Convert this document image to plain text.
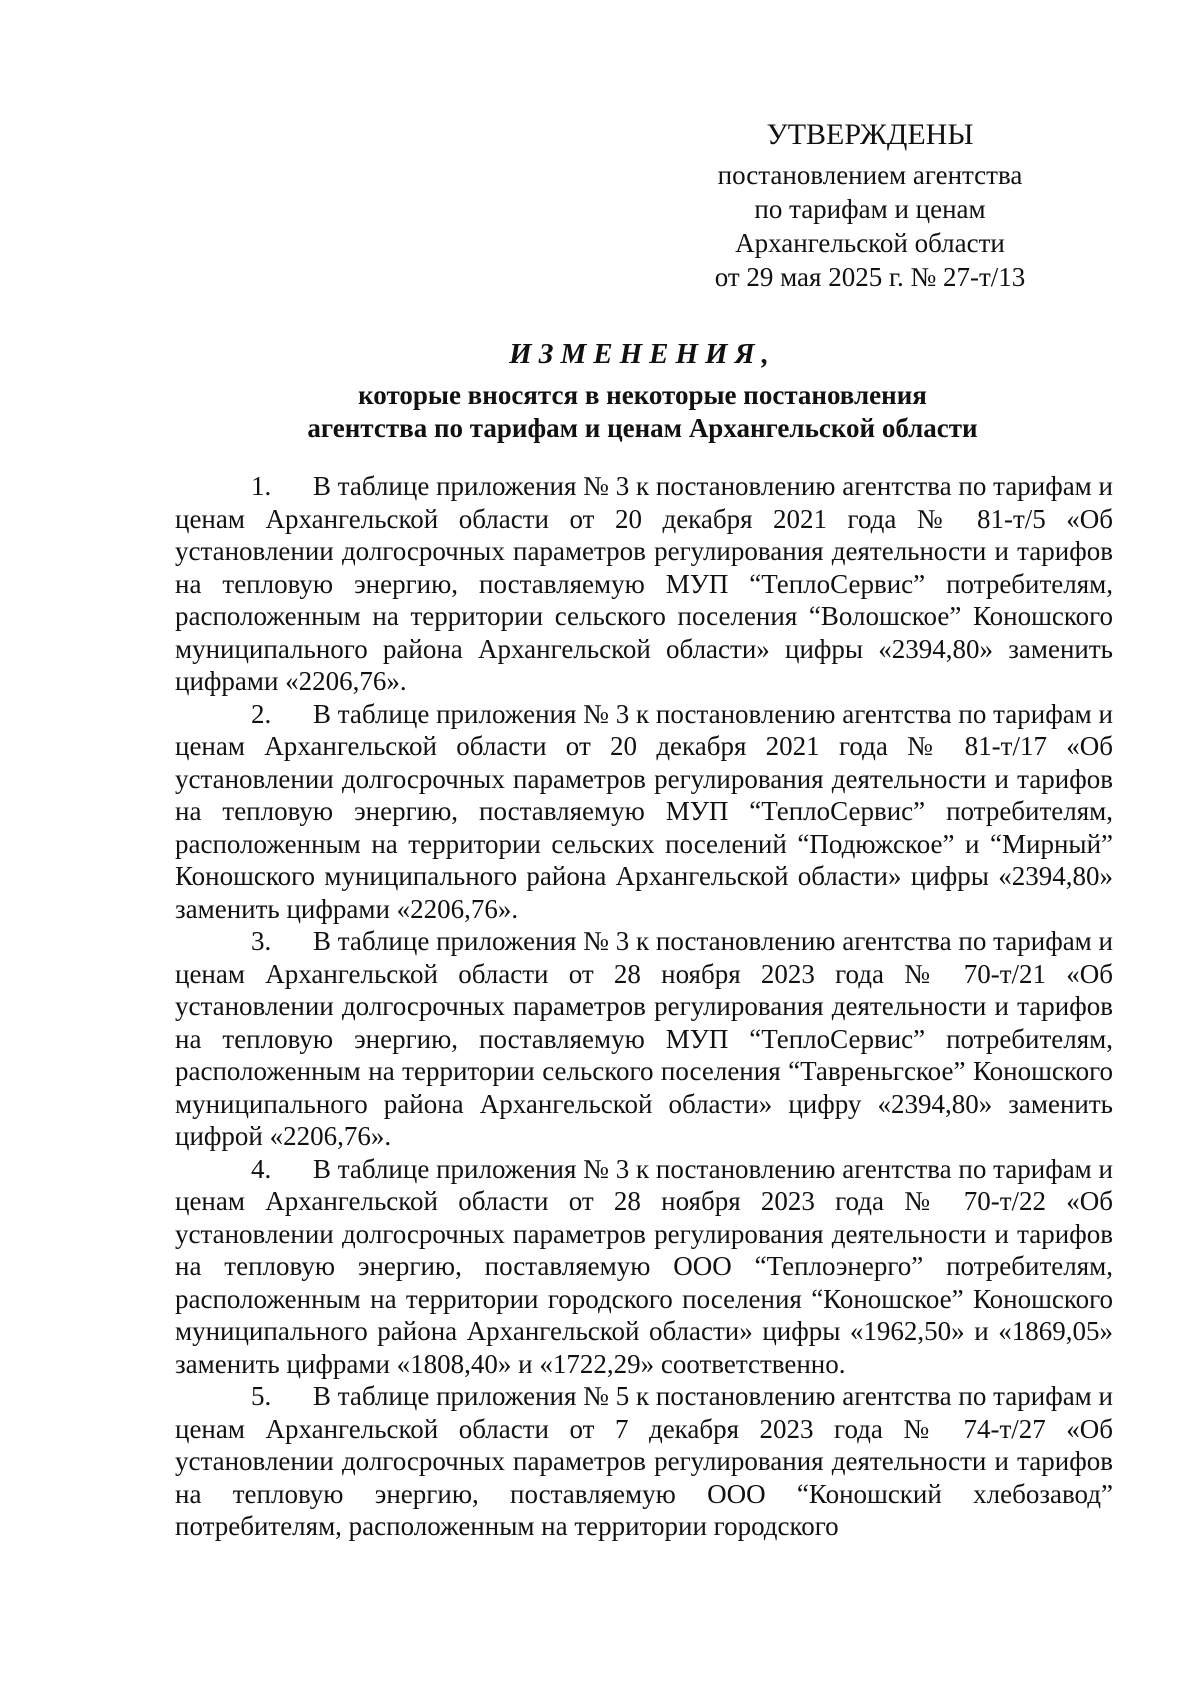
УТВЕРЖДЕНЫ
постановлением агентства
по тарифам и ценам
Архангельской области
от 29 мая 2025 г. № 27-т/13
ИЗМЕНЕНИЯ,
которые вносятся в некоторые постановления
агентства по тарифам и ценам Архангельской области
1. В таблице приложения № 3 к постановлению агентства по тарифам и ценам Архангельской области от 20 декабря 2021 года № 81-т/5 «Об установлении долгосрочных параметров регулирования деятельности и тарифов на тепловую энергию, поставляемую МУП “ТеплоСервис” потребителям, расположенным на территории сельского поселения “Волошское” Коношского муниципального района Архангельской области» цифры «2394,80» заменить цифрами «2206,76».
2. В таблице приложения № 3 к постановлению агентства по тарифам и ценам Архангельской области от 20 декабря 2021 года № 81-т/17 «Об установлении долгосрочных параметров регулирования деятельности и тарифов на тепловую энергию, поставляемую МУП “ТеплоСервис” потребителям, расположенным на территории сельских поселений “Подюжское” и “Мирный” Коношского муниципального района Архангельской области» цифры «2394,80» заменить цифрами «2206,76».
3. В таблице приложения № 3 к постановлению агентства по тарифам и ценам Архангельской области от 28 ноября 2023 года № 70-т/21 «Об установлении долгосрочных параметров регулирования деятельности и тарифов на тепловую энергию, поставляемую МУП “ТеплоСервис” потребителям, расположенным на территории сельского поселения “Тавреньгское” Коношского муниципального района Архангельской области» цифру «2394,80» заменить цифрой «2206,76».
4. В таблице приложения № 3 к постановлению агентства по тарифам и ценам Архангельской области от 28 ноября 2023 года № 70-т/22 «Об установлении долгосрочных параметров регулирования деятельности и тарифов на тепловую энергию, поставляемую ООО “Теплоэнерго” потребителям, расположенным на территории городского поселения “Коношское” Коношского муниципального района Архангельской области» цифры «1962,50» и «1869,05» заменить цифрами «1808,40» и «1722,29» соответственно.
5. В таблице приложения № 5 к постановлению агентства по тарифам и ценам Архангельской области от 7 декабря 2023 года № 74-т/27 «Об установлении долгосрочных параметров регулирования деятельности и тарифов на тепловую энергию, поставляемую ООО “Коношский хлебозавод” потребителям, расположенным на территории городского
